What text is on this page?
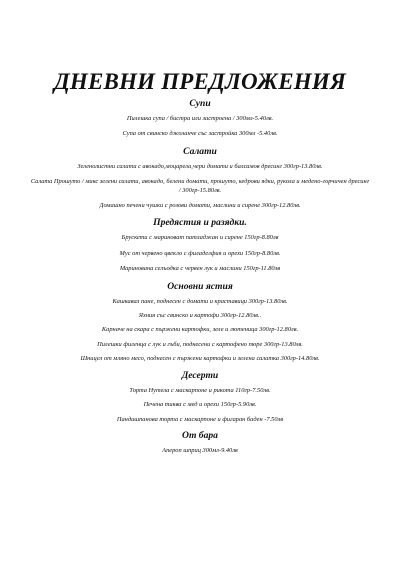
ДНЕВНИ ПРЕДЛОЖЕНИЯ
Супи
Пилешка супа / бистра или застроена / 300мл-5.40лв.
Супа от свинско джоланче със застройка 300мл -5.40лв.
Салати
Зеленолистни салати с авокадо,моцарела,чери домати и балсамов дресинг 300гр-13.80лв.
Салата Прошуто / микс зелени салати, авокадо, белени домати, прошуто, кедрови ядки, рукола и медено-горчичен дресинг / 300гр-15.80лв.
Домашно печени чушки с розови домати, маслини и сирене 300гр-12.80лв.
Предястия и разядки.
Брускети с мариноват патладжан и сирене 150гр-8.80лв
Мус от червено цвекло с филаделфия и орехи 150гр-8.80лв.
Маринована селъодка с червен лук и маслини 150гр-11.80лв
Основни ястия
Кашкавал пане, поднесен с домати и краставици 300гр-13.80лв.
Яхния със свинско и картофи 300гр-12.80лв..
Карначе на скара с пържени картофки, зеле и лютеница 300гр-12.80лв.
Пилешки филенца с лук и гъби, поднесени с картофено пюре 300гр-13.80лв.
Шницел от мляно месо, поднесен с пържени картофки и зелена салатка 300гр-14.80лв.
Десерти
Торта Нутела с маскарпоне и рикота 110гр-7.50лв.
Печена тиква с мед и орехи 150гр-5.90лв.
Пандишпанова торта с маскарпоне и фигаран баден -7.50лв
От бара
Апероп шприц 300мл-9.40лв
